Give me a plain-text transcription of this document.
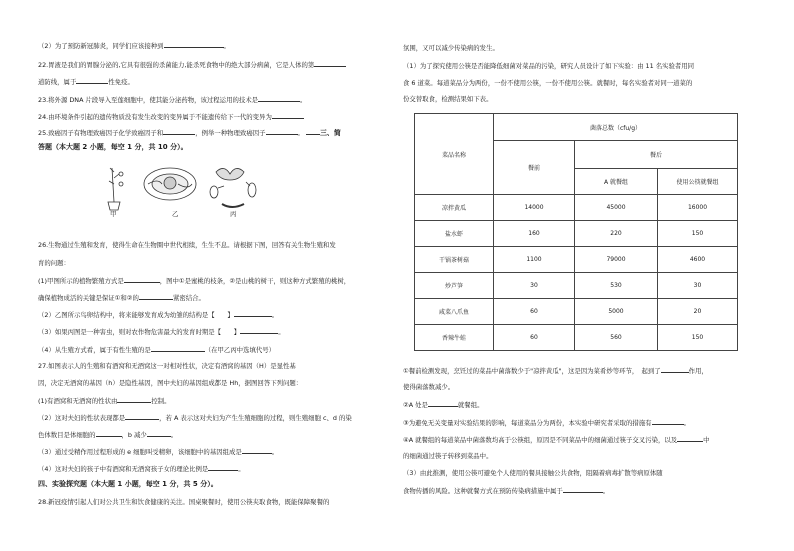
（2）为了预防新冠肺炎，同学们应该接种到	。
22.胃液是我们的胃腺分泌的,它具有很强的杀菌能力,能杀死食物中的绝大部分病菌，它是人体的第
道防线，属于	性免疫。
23.将外源 DNA 片段导入至莲细胞中，使其能分泌药物，该过程运用的技术是	。
24.由环境条件引起的遗传物质没有发生改变的变异属于不能遗传给下一代的变异为
25.致癌因子有物理致癌因子化学致癌因子和	，例举一种物理致癌因子	。 三、简
答题（本大题 2 小题，每空 1 分，共 10 分）。
甲	乙	丙
26.生物通过生殖和发育，使得生命在生物圈中世代相续，生生不息。请根据下图，回答有关生物生殖和发
育的问题：
(1)甲图所示的植物繁殖方式是	，图中①是蜜桃的枝条，②是山桃的树干，则这种方式繁殖的桃树，
确保植物成活的关键是保证①和②的	紧密结合。
（2）乙图所示鸟卵结构中，将来能够发育成为幼雏的结构是【　　】	。
（3）如果丙图是一种害虫，则对农作物危害最大的发育时期是【　　】	。
（4）从生殖方式看，属于有性生殖的是	（在甲乙丙中选填代号）
27.如图表示人的生殖和有酒窝和无酒窝这一对相对性状，决定有酒窝的基因（H）是显性基
因，决定无酒窝的基因（h）是隐性基因，图中夫妇的基因组成都是 Hh，据图回答下列问题：
(1)有酒窝和无酒窝的性状由	控制。
（2）这对夫妇的性状表现都是	，若 A 表示这对夫妇为产生生殖细胞的过程，则生殖细胞 c、d 的染
色体数目是体细胞的	，b 减少	。
（3）通过受精作用过程形成的 e 细胞叫受精卵，该细胞中的基因组成是	。
（4）这对夫妇的孩子中有酒窝和无酒窝孩子女的理论比例是	。
四、实验探究题（本大题 1 小题，每空 1 分，共 5 分）。
28.新冠疫情引起人们对公共卫生和饮食健康的关注。国桌聚餐时，使用公筷夹取食物，既能保障聚餐的
氛围，又可以减少传染病的发生。
（1）为了探究使用公筷是否能降低细菌对菜品的污染，研究人员设计了如下实验：由 11 名实验者用同
食 6 道菜。每道菜品分为两份，一份不使用公筷，一份不使用公筷。就餐时，每名实验者对同一道菜的
份交替取食，检测结果如下表。
菜品名称	菌落总数（cfu/g）		
	餐前	餐后	
		A 就餐组	使用公筷就餐组
凉拌黄瓜	14000	45000	16000
盐水虾	160	220	150
干锅茶树菇	1100	79000	4600
炒芦笋	30	530	30
咸菜八爪鱼	60	5000	20
香辣牛蛙	60	560	150
①餐前检测发现，烹饪过的菜品中菌落数少于"凉拌黄瓜"，这是因为菜肴炒等环节，　 起到了	作用，
使得菌落数减少。
②A 处是	就餐组。
③为避免无关变量对实验结果的影响，每道菜品分为两份，本实验中研究者采取的措施有	。
④A 就餐组的每道菜品中菌落数均高于公筷组，原因是不同菜品中的细菌通过筷子交叉污染，以及	中
的细菌通过筷子转移到菜品中。
（3）由此推测，使用公筷可避免个人使用的餐具接触公共食物，阻隔着病毒扩散等病原体随
食物传播的风险。这种就餐方式在预防传染病措施中属于	。
